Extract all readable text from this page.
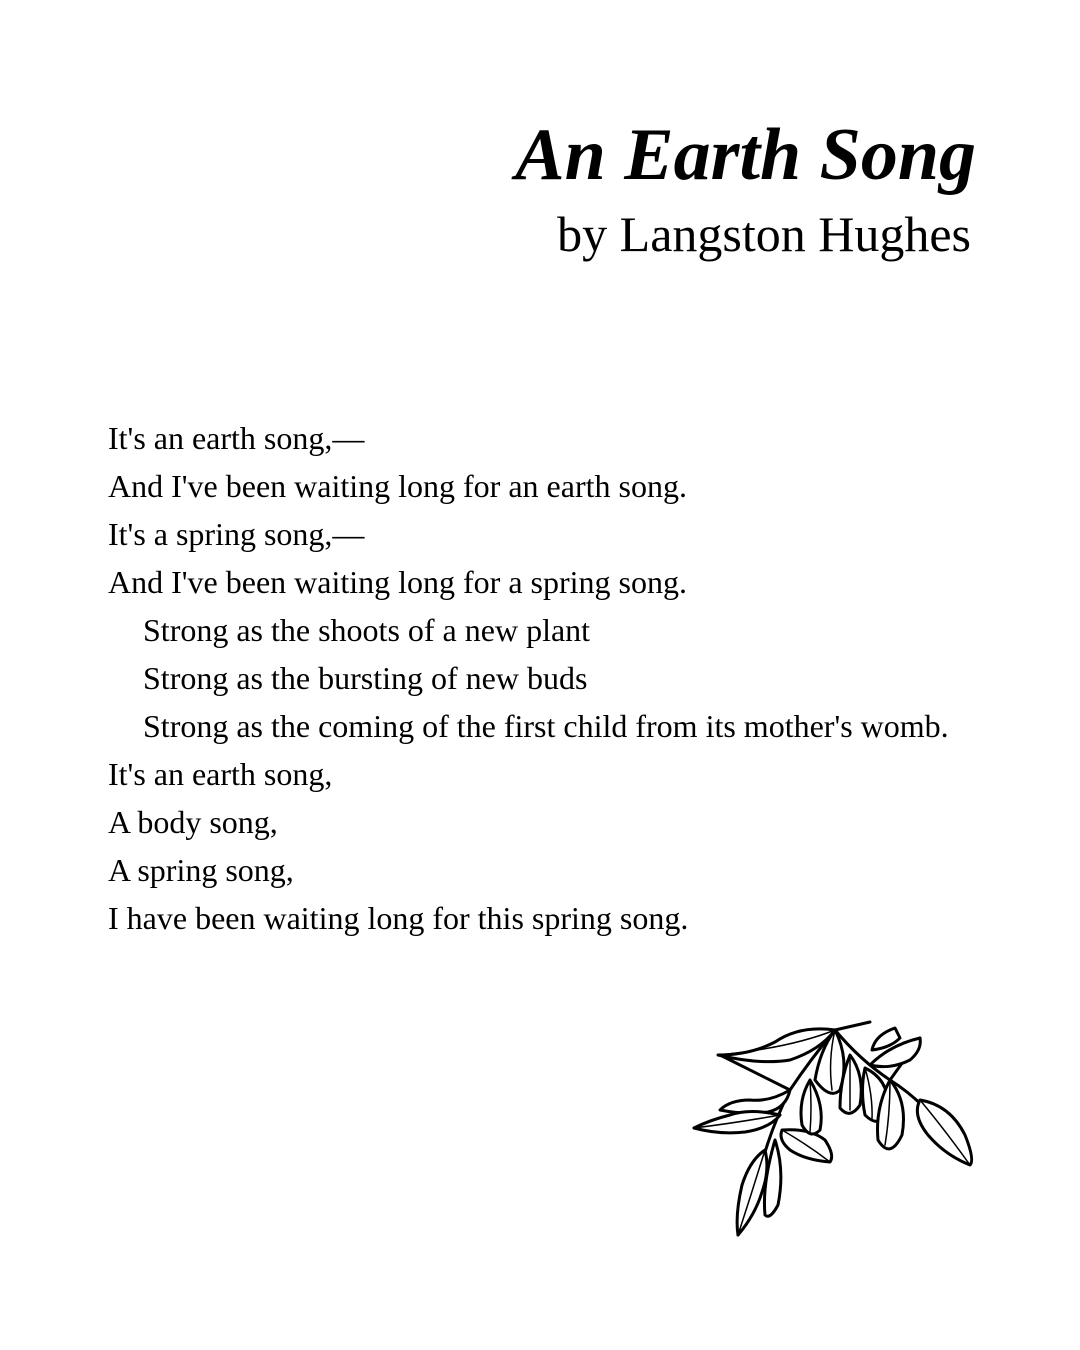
An Earth Song
by Langston Hughes
It's an earth song,—
And I've been waiting long for an earth song.
It's a spring song,—
And I've been waiting long for a spring song.
Strong as the shoots of a new plant
Strong as the bursting of new buds
Strong as the coming of the first child from its mother's womb.
It's an earth song,
A body song,
A spring song,
I have been waiting long for this spring song.
